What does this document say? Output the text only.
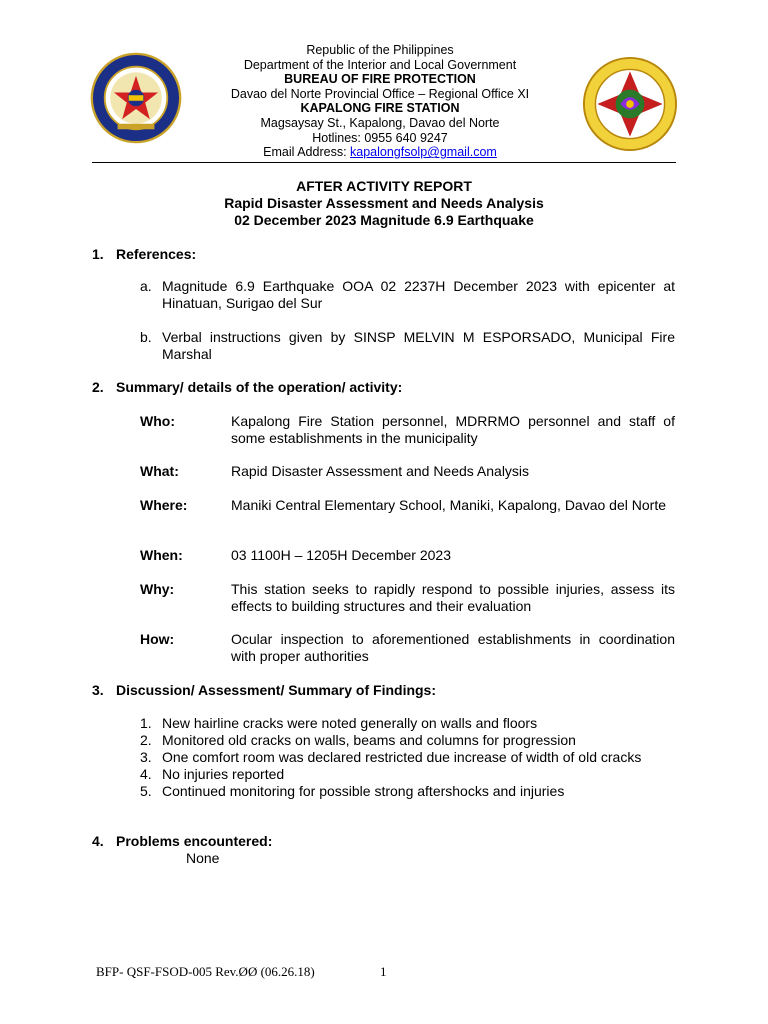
Republic of the Philippines
Department of the Interior and Local Government
BUREAU OF FIRE PROTECTION
Davao del Norte Provincial Office – Regional Office XI
KAPALONG FIRE STATION
Magsaysay St., Kapalong, Davao del Norte
Hotlines: 0955 640 9247
Email Address: kapalongfsolp@gmail.com
AFTER ACTIVITY REPORT
Rapid Disaster Assessment and Needs Analysis
02 December 2023 Magnitude 6.9 Earthquake
1. References:
a. Magnitude 6.9 Earthquake OOA 02 2237H December 2023 with epicenter at Hinatuan, Surigao del Sur
b. Verbal instructions given by SINSP MELVIN M ESPORSADO, Municipal Fire Marshal
2. Summary/ details of the operation/ activity:
Who:	Kapalong Fire Station personnel, MDRRMO personnel and staff of some establishments in the municipality
What:	Rapid Disaster Assessment and Needs Analysis
Where:	Maniki Central Elementary School, Maniki, Kapalong, Davao del Norte
When:	03 1100H – 1205H December 2023
Why:	This station seeks to rapidly respond to possible injuries, assess its effects to building structures and their evaluation
How:	Ocular inspection to aforementioned establishments in coordination with proper authorities
3. Discussion/ Assessment/ Summary of Findings:
1. New hairline cracks were noted generally on walls and floors
2. Monitored old cracks on walls, beams and columns for progression
3. One comfort room was declared restricted due increase of width of old cracks
4. No injuries reported
5. Continued monitoring for possible strong aftershocks and injuries
4. Problems encountered:
None
BFP- QSF-FSOD-005 Rev.ØØ (06.26.18)	1
